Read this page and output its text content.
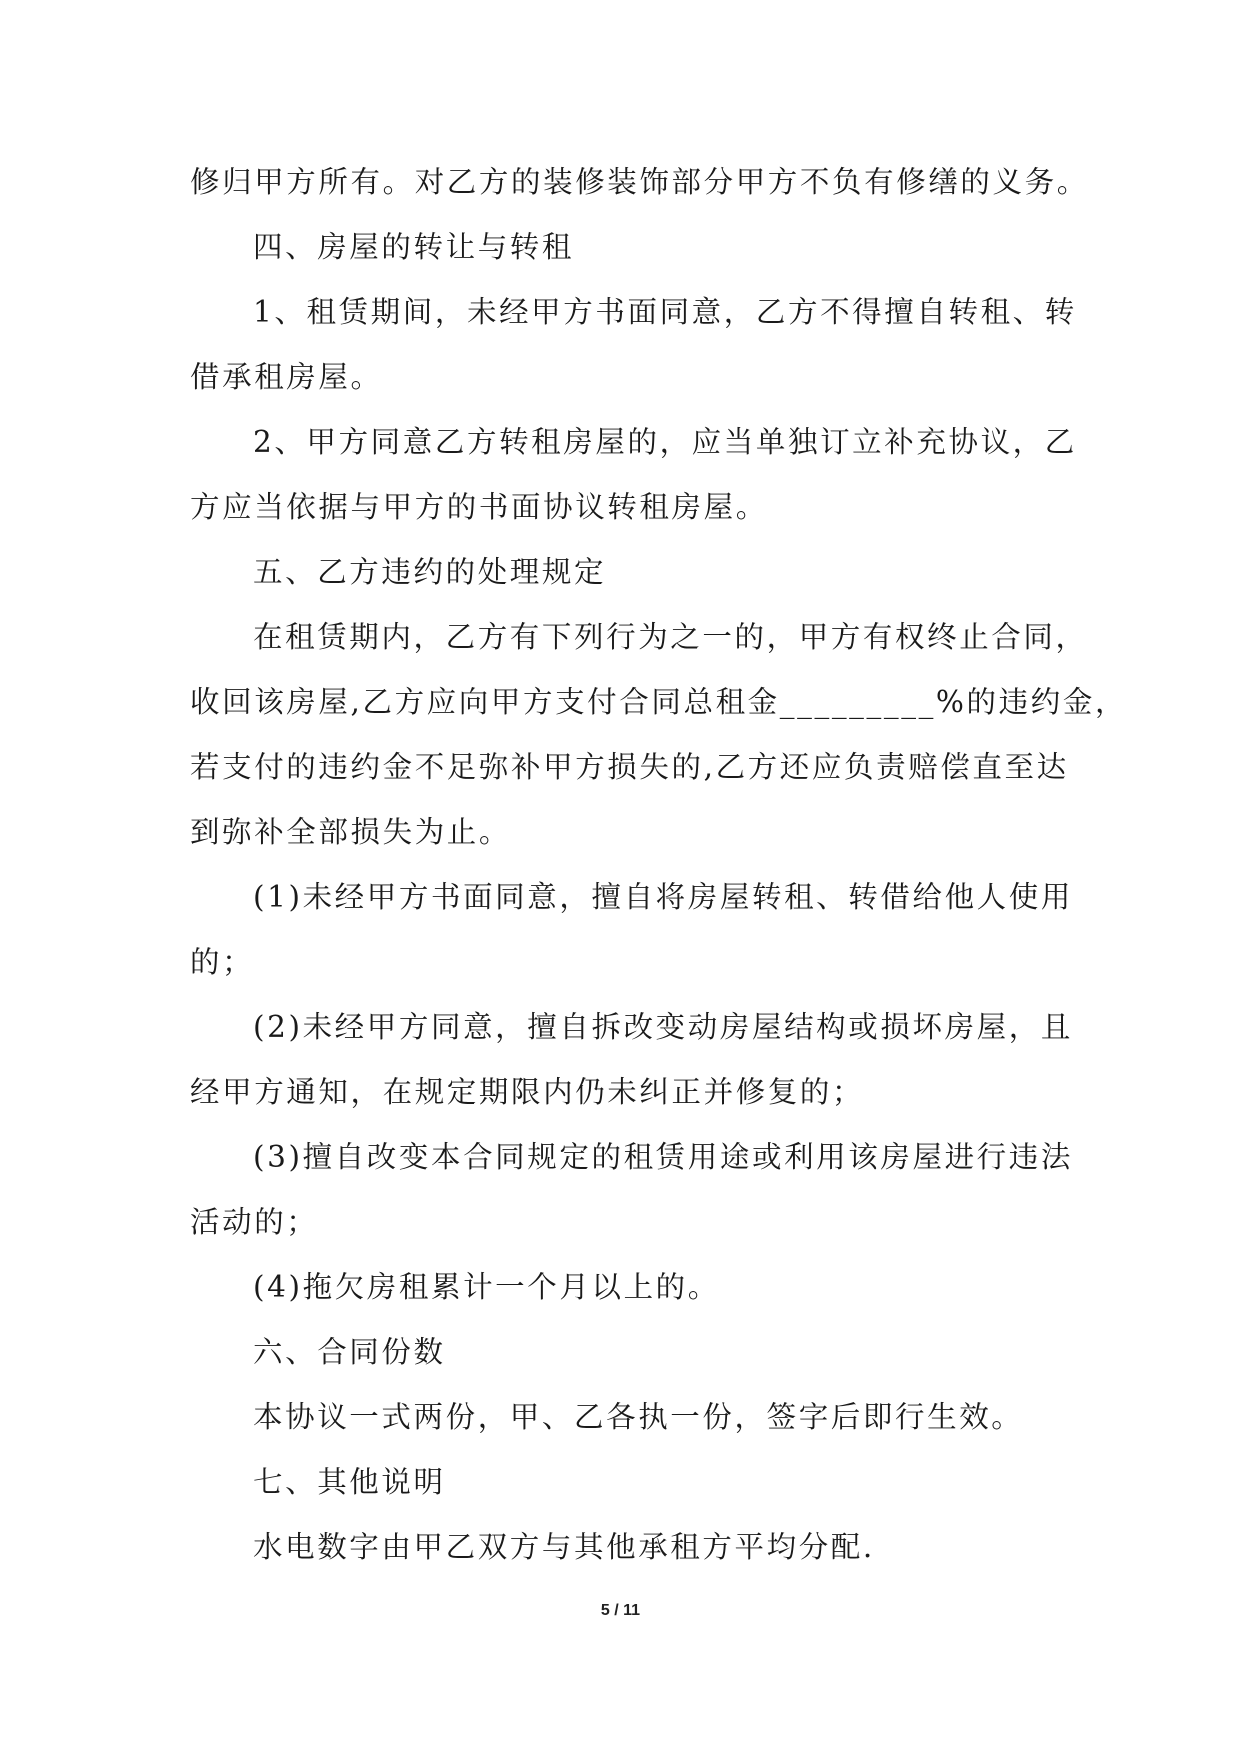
修归甲方所有。对乙方的装修装饰部分甲方不负有修缮的义务。
四、房屋的转让与转租
1、租赁期间，未经甲方书面同意，乙方不得擅自转租、转
借承租房屋。
2、甲方同意乙方转租房屋的，应当单独订立补充协议，乙
方应当依据与甲方的书面协议转租房屋。
五、乙方违约的处理规定
在租赁期内，乙方有下列行为之一的，甲方有权终止合同，
收回该房屋,乙方应向甲方支付合同总租金_________%的违约金，
若支付的违约金不足弥补甲方损失的,乙方还应负责赔偿直至达
到弥补全部损失为止。
(1)未经甲方书面同意，擅自将房屋转租、转借给他人使用
的；
(2)未经甲方同意，擅自拆改变动房屋结构或损坏房屋，且
经甲方通知，在规定期限内仍未纠正并修复的；
(3)擅自改变本合同规定的租赁用途或利用该房屋进行违法
活动的；
(4)拖欠房租累计一个月以上的。
六、合同份数
本协议一式两份，甲、乙各执一份，签字后即行生效。
七、其他说明
水电数字由甲乙双方与其他承租方平均分配.
5 / 11
